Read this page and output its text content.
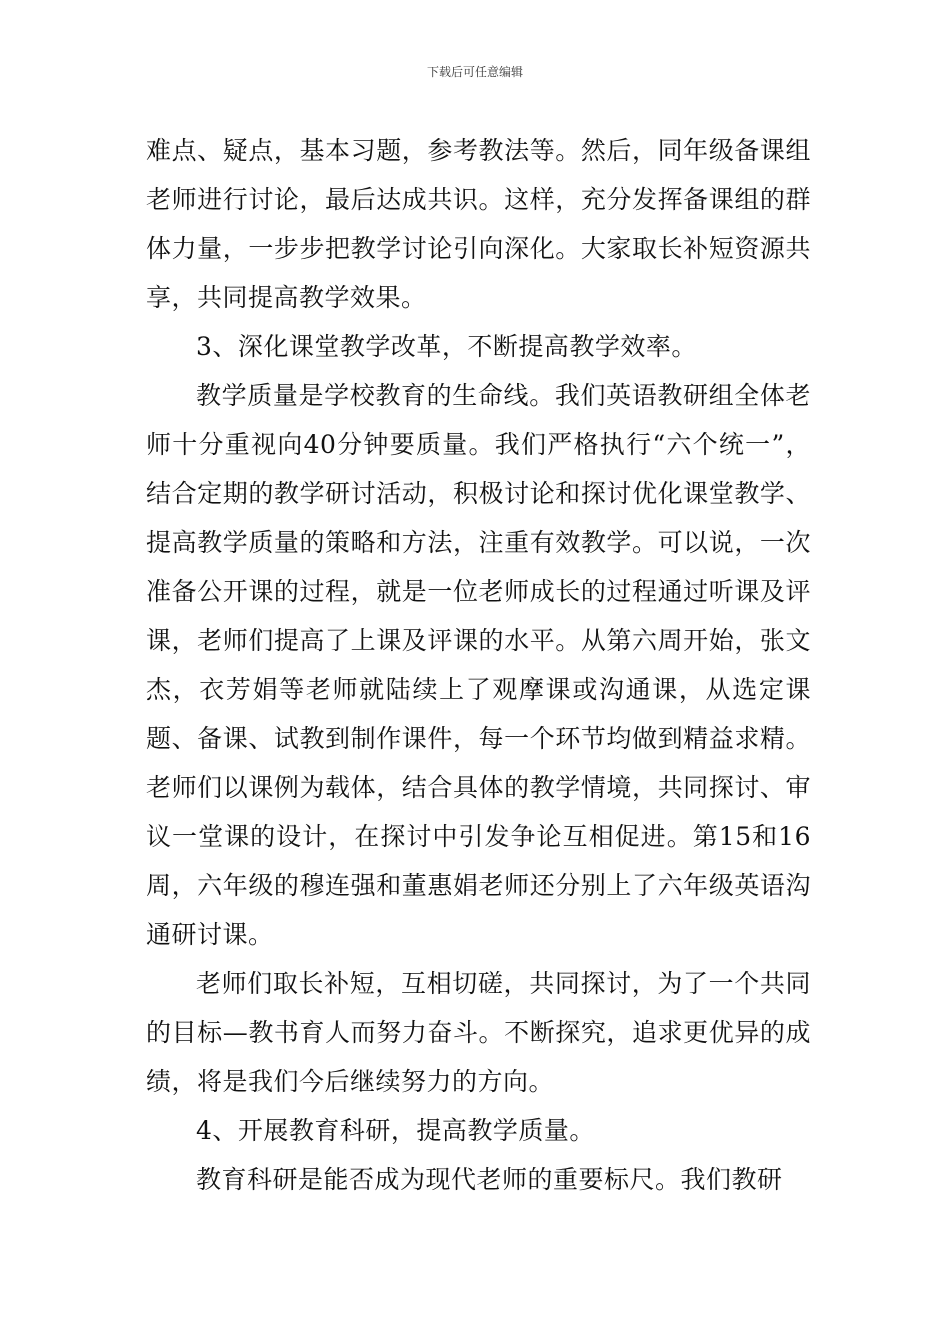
下载后可任意编辑

难点、疑点，基本习题，参考教法等。然后，同年级备课组老师进行讨论，最后达成共识。这样，充分发挥备课组的群体力量，一步步把教学讨论引向深化。大家取长补短资源共享，共同提高教学效果。

3、深化课堂教学改革，不断提高教学效率。

教学质量是学校教育的生命线。我们英语教研组全体老师十分重视向40分钟要质量。我们严格执行“六个统一”，结合定期的教学研讨活动，积极讨论和探讨优化课堂教学、提高教学质量的策略和方法，注重有效教学。可以说，一次准备公开课的过程，就是一位老师成长的过程通过听课及评课，老师们提高了上课及评课的水平。从第六周开始，张文杰，衣芳娟等老师就陆续上了观摩课或沟通课，从选定课题、备课、试教到制作课件，每一个环节均做到精益求精。老师们以课例为载体，结合具体的教学情境，共同探讨、审议一堂课的设计，在探讨中引发争论互相促进。第15和16周，六年级的穆连强和董惠娟老师还分别上了六年级英语沟通研讨课。

老师们取长补短，互相切磋，共同探讨，为了一个共同的目标—教书育人而努力奋斗。不断探究，追求更优异的成绩，将是我们今后继续努力的方向。

4、开展教育科研，提高教学质量。

教育科研是能否成为现代老师的重要标尺。我们教研
